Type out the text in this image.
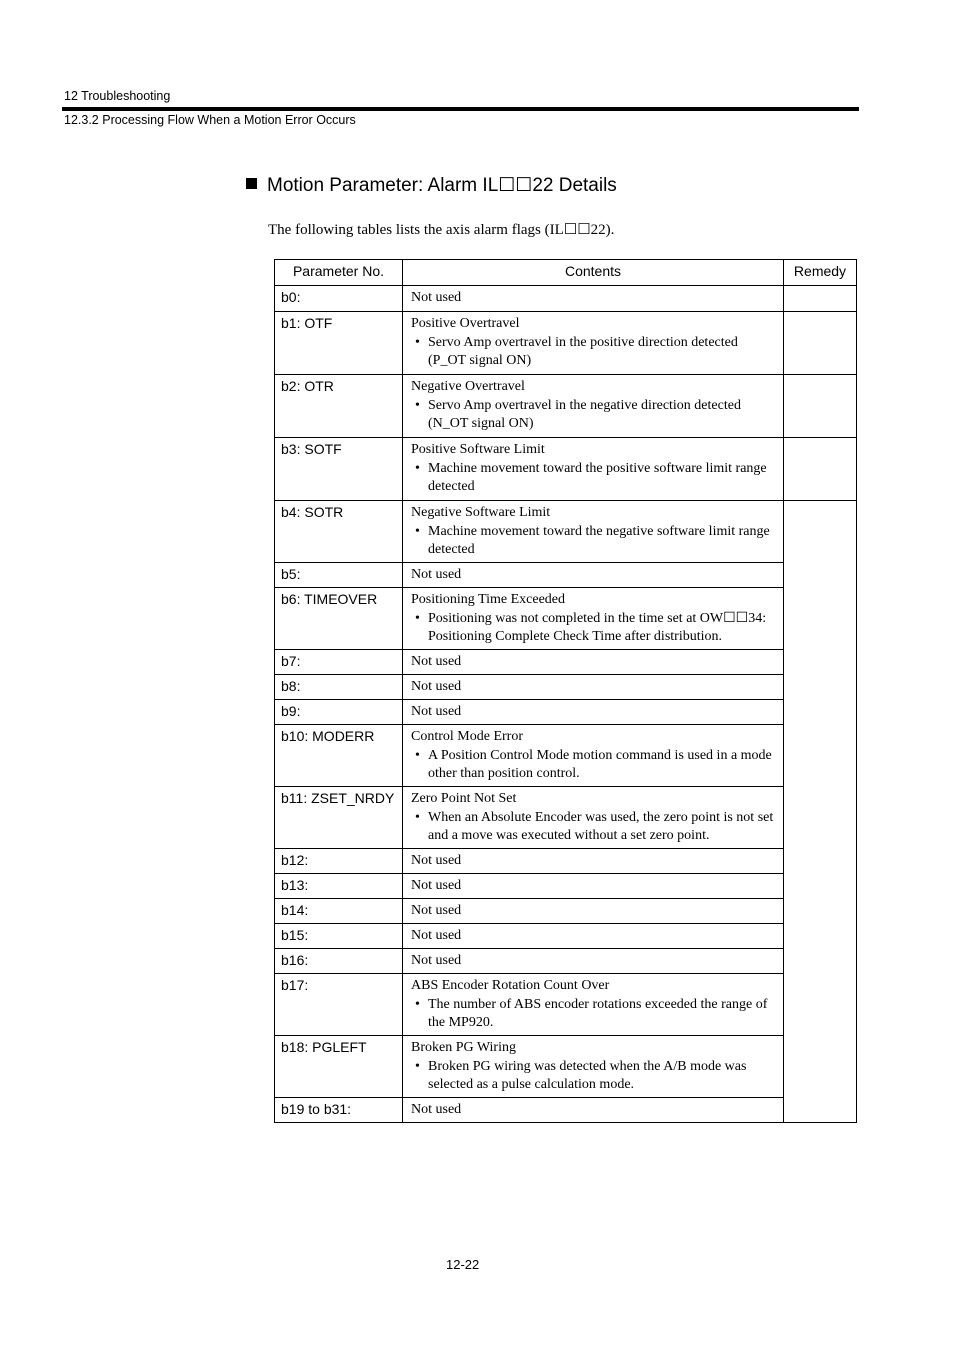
12 Troubleshooting
12.3.2 Processing Flow When a Motion Error Occurs
Motion Parameter: Alarm IL☐☐22 Details
The following tables lists the axis alarm flags (IL☐☐22).
Parameter No.	Contents	Remedy
b0:	Not used	

b1: OTF	Positive Overtravel
• Servo Amp overtravel in the positive direction detected (P_OT signal ON)

b2: OTR	Negative Overtravel
• Servo Amp overtravel in the negative direction detected (N_OT signal ON)

b3: SOTF	Positive Software Limit
• Machine movement toward the positive software limit range detected

b4: SOTR	Negative Software Limit
• Machine movement toward the negative software limit range detected

b5:	Not used	

b6: TIMEOVER	Positioning Time Exceeded
• Positioning was not completed in the time set at OW☐☐34: Positioning Complete Check Time after distribution.

b7:	Not used	

b8:	Not used	

b9:	Not used	

b10: MODERR	Control Mode Error
• A Position Control Mode motion command is used in a mode other than position control.

b11: ZSET_NRDY	Zero Point Not Set
• When an Absolute Encoder was used, the zero point is not set and a move was executed without a set zero point.

b12:	Not used	

b13:	Not used	

b14:	Not used	

b15:	Not used	

b16:	Not used	

b17:	ABS Encoder Rotation Count Over
• The number of ABS encoder rotations exceeded the range of the MP920.

b18: PGLEFT	Broken PG Wiring
• Broken PG wiring was detected when the A/B mode was selected as a pulse calculation mode.

b19 to b31:	Not used	
12-22
